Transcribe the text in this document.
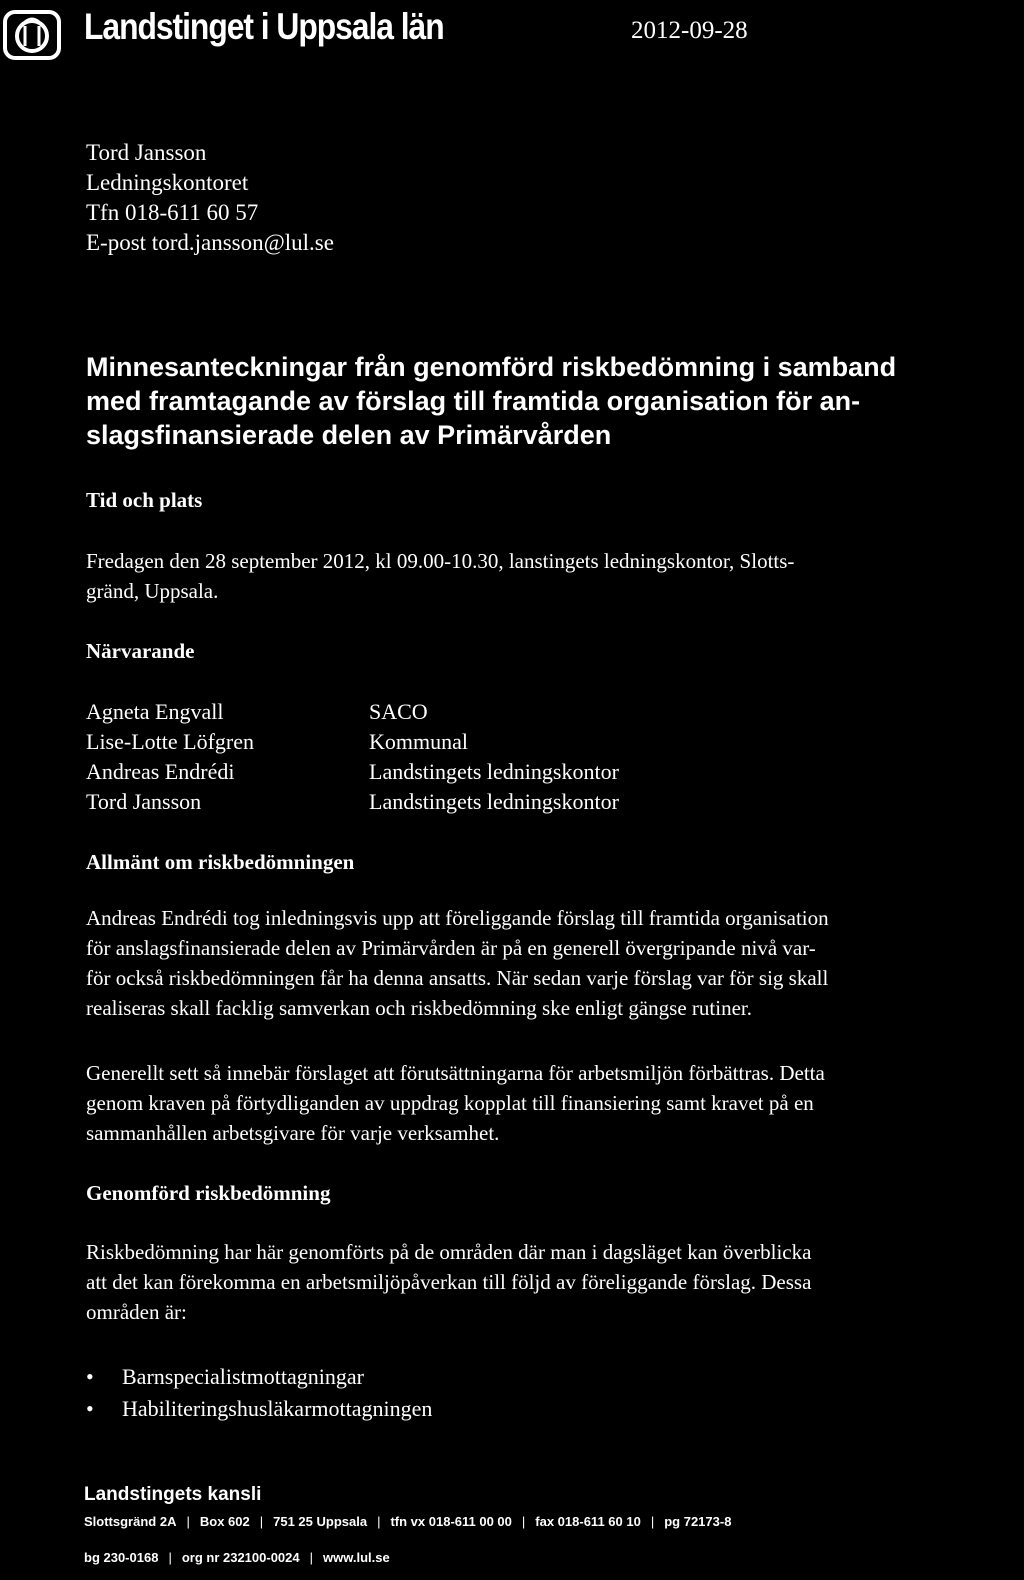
Landstinget i Uppsala län	2012-09-28
Tord Jansson
Ledningskontoret
Tfn 018-611 60 57
E-post tord.jansson@lul.se
Minnesanteckningar från genomförd riskbedömning i samband
med framtagande av förslag till framtida organisation för an-
slagsfinansierade delen av Primärvården
Tid och plats
Fredagen den 28 september 2012, kl 09.00-10.30, lanstingets ledningskontor, Slotts-
gränd, Uppsala.
Närvarande
Agneta Engvall	SACO
Lise-Lotte Löfgren	Kommunal
Andreas Endrédi	Landstingets ledningskontor
Tord Jansson	Landstingets ledningskontor
Allmänt om riskbedömningen
Andreas Endrédi tog inledningsvis upp att föreliggande förslag till framtida organisation
för anslagsfinansierade delen av Primärvården är på en generell övergripande nivå var-
för också riskbedömningen får ha denna ansatts. När sedan varje förslag var för sig skall
realiseras skall facklig samverkan och riskbedömning ske enligt gängse rutiner.
Generellt sett så innebär förslaget att förutsättningarna för arbetsmiljön förbättras. Detta
genom kraven på förtydliganden av uppdrag kopplat till finansiering samt kravet på en
sammanhållen arbetsgivare för varje verksamhet.
Genomförd riskbedömning
Riskbedömning har här genomförts på de områden där man i dagsläget kan överblicka
att det kan förekomma en arbetsmiljöpåverkan till följd av föreliggande förslag. Dessa
områden är:
•	Barnspecialistmottagningar
•	Habiliteringshusläkarmottagningen
Landstingets kansli
Slottsgränd 2A | Box 602 | 751 25 Uppsala | tfn vx 018-611 00 00 | fax 018-611 60 10 | pg 72173-8
bg 230-0168 | org nr 232100-0024 | www.lul.se
